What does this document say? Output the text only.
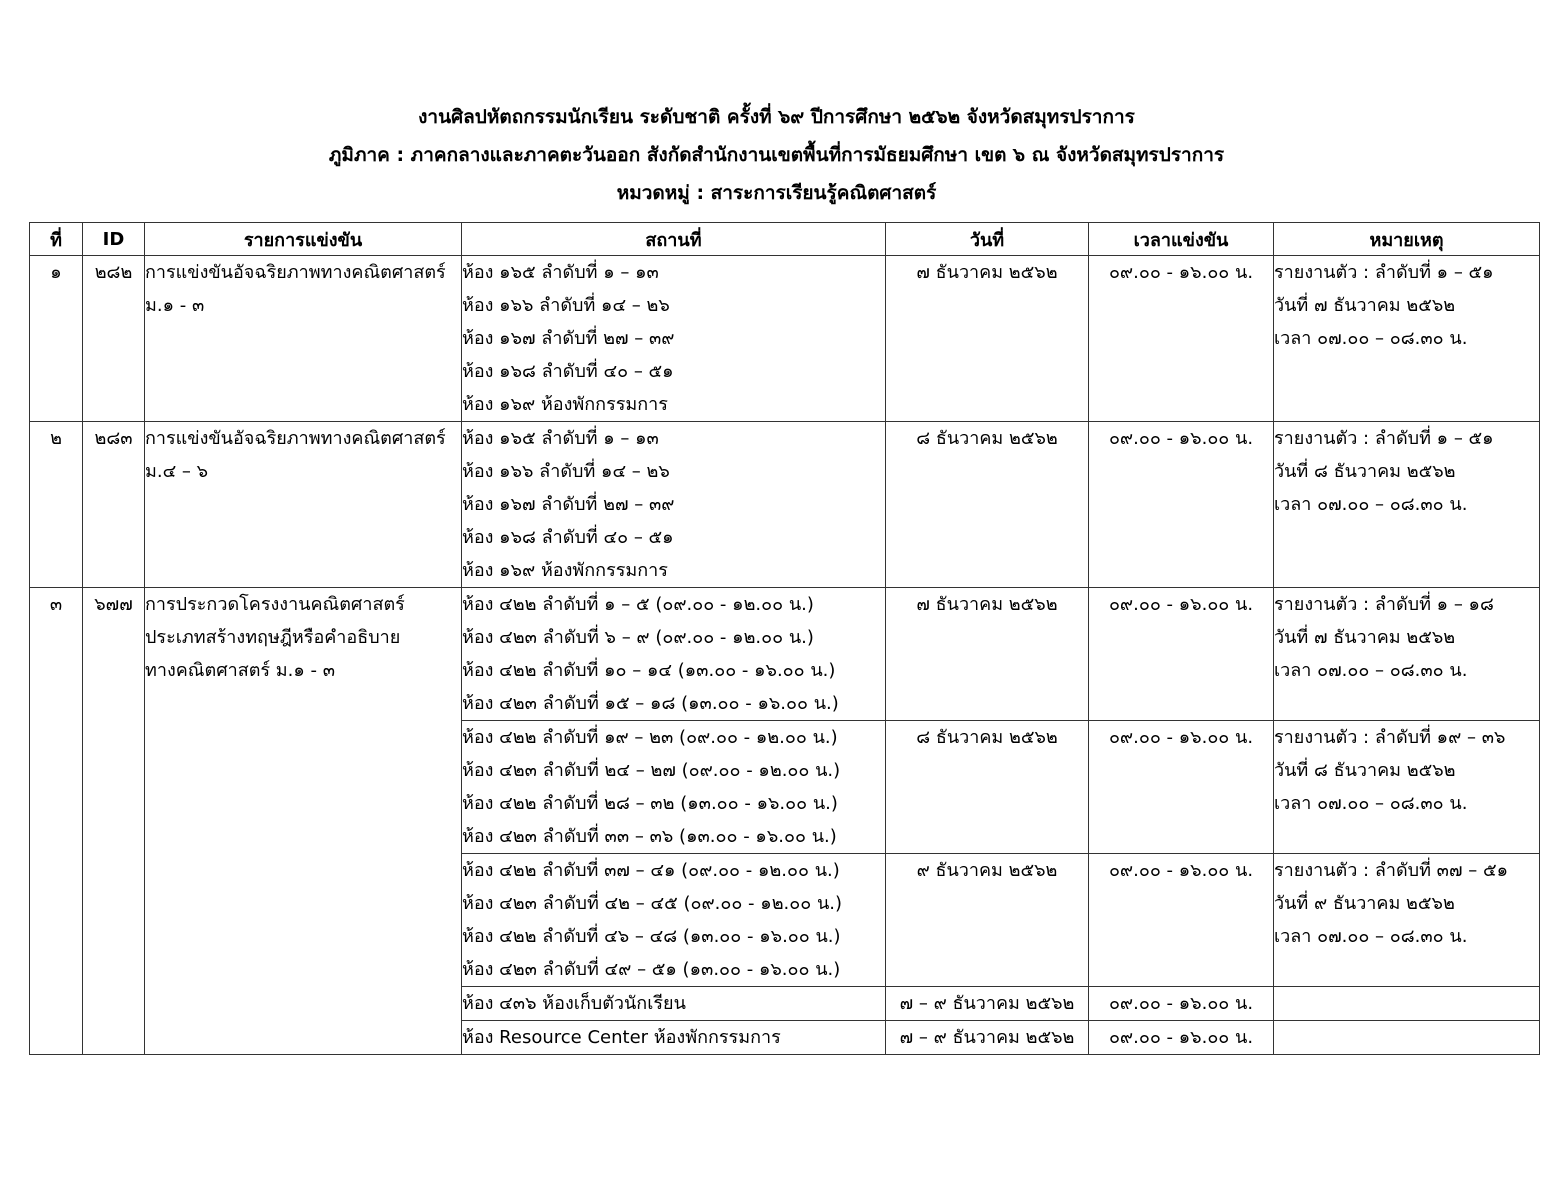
งานศิลปหัตถกรรมนักเรียน ระดับชาติ ครั้งที่ ๖๙ ปีการศึกษา ๒๕๖๒ จังหวัดสมุทรปราการ
ภูมิภาค : ภาคกลางและภาคตะวันออก สังกัดสำนักงานเขตพื้นที่การมัธยมศึกษา เขต ๖ ณ จังหวัดสมุทรปราการ
หมวดหมู่ : สาระการเรียนรู้คณิตศาสตร์
ที่	ID	รายการแข่งขัน	สถานที่	วันที่	เวลาแข่งขัน	หมายเหตุ

๑	๒๘๒	การแข่งขันอัจฉริยภาพทางคณิตศาสตร์
ม.๑ - ๓	ห้อง ๑๖๕ ลำดับที่ ๑ – ๑๓
ห้อง ๑๖๖ ลำดับที่ ๑๔ – ๒๖
ห้อง ๑๖๗ ลำดับที่ ๒๗ – ๓๙
ห้อง ๑๖๘ ลำดับที่ ๔๐ – ๕๑
ห้อง ๑๖๙ ห้องพักกรรมการ	๗ ธันวาคม ๒๕๖๒	๐๙.๐๐ - ๑๖.๐๐ น.	รายงานตัว : ลำดับที่ ๑ – ๕๑
วันที่ ๗ ธันวาคม ๒๕๖๒
เวลา ๐๗.๐๐ – ๐๘.๓๐ น.

๒	๒๘๓	การแข่งขันอัจฉริยภาพทางคณิตศาสตร์
ม.๔ – ๖	ห้อง ๑๖๕ ลำดับที่ ๑ – ๑๓
ห้อง ๑๖๖ ลำดับที่ ๑๔ – ๒๖
ห้อง ๑๖๗ ลำดับที่ ๒๗ – ๓๙
ห้อง ๑๖๘ ลำดับที่ ๔๐ – ๕๑
ห้อง ๑๖๙ ห้องพักกรรมการ	๘ ธันวาคม ๒๕๖๒	๐๙.๐๐ - ๑๖.๐๐ น.	รายงานตัว : ลำดับที่ ๑ – ๕๑
วันที่ ๘ ธันวาคม ๒๕๖๒
เวลา ๐๗.๐๐ – ๐๘.๓๐ น.

๓	๖๗๗	การประกวดโครงงานคณิตศาสตร์
ประเภทสร้างทฤษฎีหรือคำอธิบาย
ทางคณิตศาสตร์ ม.๑ - ๓	ห้อง ๔๒๒ ลำดับที่ ๑ – ๕ (๐๙.๐๐ - ๑๒.๐๐ น.)
ห้อง ๔๒๓ ลำดับที่ ๖ – ๙ (๐๙.๐๐ - ๑๒.๐๐ น.)
ห้อง ๔๒๒ ลำดับที่ ๑๐ – ๑๔ (๑๓.๐๐ - ๑๖.๐๐ น.)
ห้อง ๔๒๓ ลำดับที่ ๑๕ – ๑๘ (๑๓.๐๐ - ๑๖.๐๐ น.)	๗ ธันวาคม ๒๕๖๒	๐๙.๐๐ - ๑๖.๐๐ น.	รายงานตัว : ลำดับที่ ๑ – ๑๘
วันที่ ๗ ธันวาคม ๒๕๖๒
เวลา ๐๗.๐๐ – ๐๘.๓๐ น.

			ห้อง ๔๒๒ ลำดับที่ ๑๙ – ๒๓ (๐๙.๐๐ - ๑๒.๐๐ น.)
ห้อง ๔๒๓ ลำดับที่ ๒๔ – ๒๗ (๐๙.๐๐ - ๑๒.๐๐ น.)
ห้อง ๔๒๒ ลำดับที่ ๒๘ – ๓๒ (๑๓.๐๐ - ๑๖.๐๐ น.)
ห้อง ๔๒๓ ลำดับที่ ๓๓ – ๓๖ (๑๓.๐๐ - ๑๖.๐๐ น.)	๘ ธันวาคม ๒๕๖๒	๐๙.๐๐ - ๑๖.๐๐ น.	รายงานตัว : ลำดับที่ ๑๙ – ๓๖
วันที่ ๘ ธันวาคม ๒๕๖๒
เวลา ๐๗.๐๐ – ๐๘.๓๐ น.

			ห้อง ๔๒๒ ลำดับที่ ๓๗ – ๔๑ (๐๙.๐๐ - ๑๒.๐๐ น.)
ห้อง ๔๒๓ ลำดับที่ ๔๒ – ๔๕ (๐๙.๐๐ - ๑๒.๐๐ น.)
ห้อง ๔๒๒ ลำดับที่ ๔๖ – ๔๘ (๑๓.๐๐ - ๑๖.๐๐ น.)
ห้อง ๔๒๓ ลำดับที่ ๔๙ – ๕๑ (๑๓.๐๐ - ๑๖.๐๐ น.)	๙ ธันวาคม ๒๕๖๒	๐๙.๐๐ - ๑๖.๐๐ น.	รายงานตัว : ลำดับที่ ๓๗ – ๕๑
วันที่ ๙ ธันวาคม ๒๕๖๒
เวลา ๐๗.๐๐ – ๐๘.๓๐ น.

			ห้อง ๔๓๖ ห้องเก็บตัวนักเรียน	๗ – ๙ ธันวาคม ๒๕๖๒	๐๙.๐๐ - ๑๖.๐๐ น.	

			ห้อง Resource Center ห้องพักกรรมการ	๗ – ๙ ธันวาคม ๒๕๖๒	๐๙.๐๐ - ๑๖.๐๐ น.	
